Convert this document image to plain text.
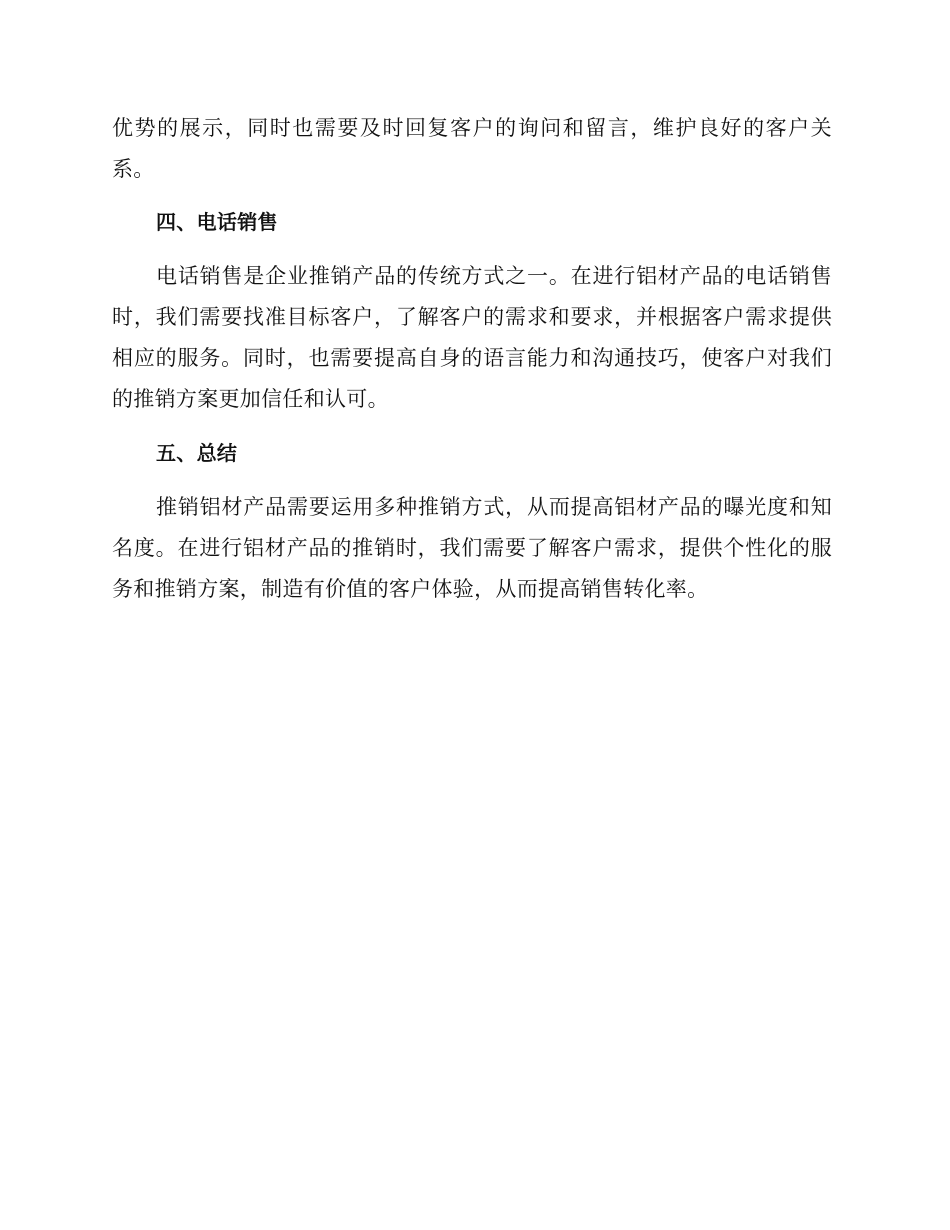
优势的展示，同时也需要及时回复客户的询问和留言，维护良好的客户关系。

四、电话销售

电话销售是企业推销产品的传统方式之一。在进行铝材产品的电话销售时，我们需要找准目标客户，了解客户的需求和要求，并根据客户需求提供相应的服务。同时，也需要提高自身的语言能力和沟通技巧，使客户对我们的推销方案更加信任和认可。

五、总结

推销铝材产品需要运用多种推销方式，从而提高铝材产品的曝光度和知名度。在进行铝材产品的推销时，我们需要了解客户需求，提供个性化的服务和推销方案，制造有价值的客户体验，从而提高销售转化率。
